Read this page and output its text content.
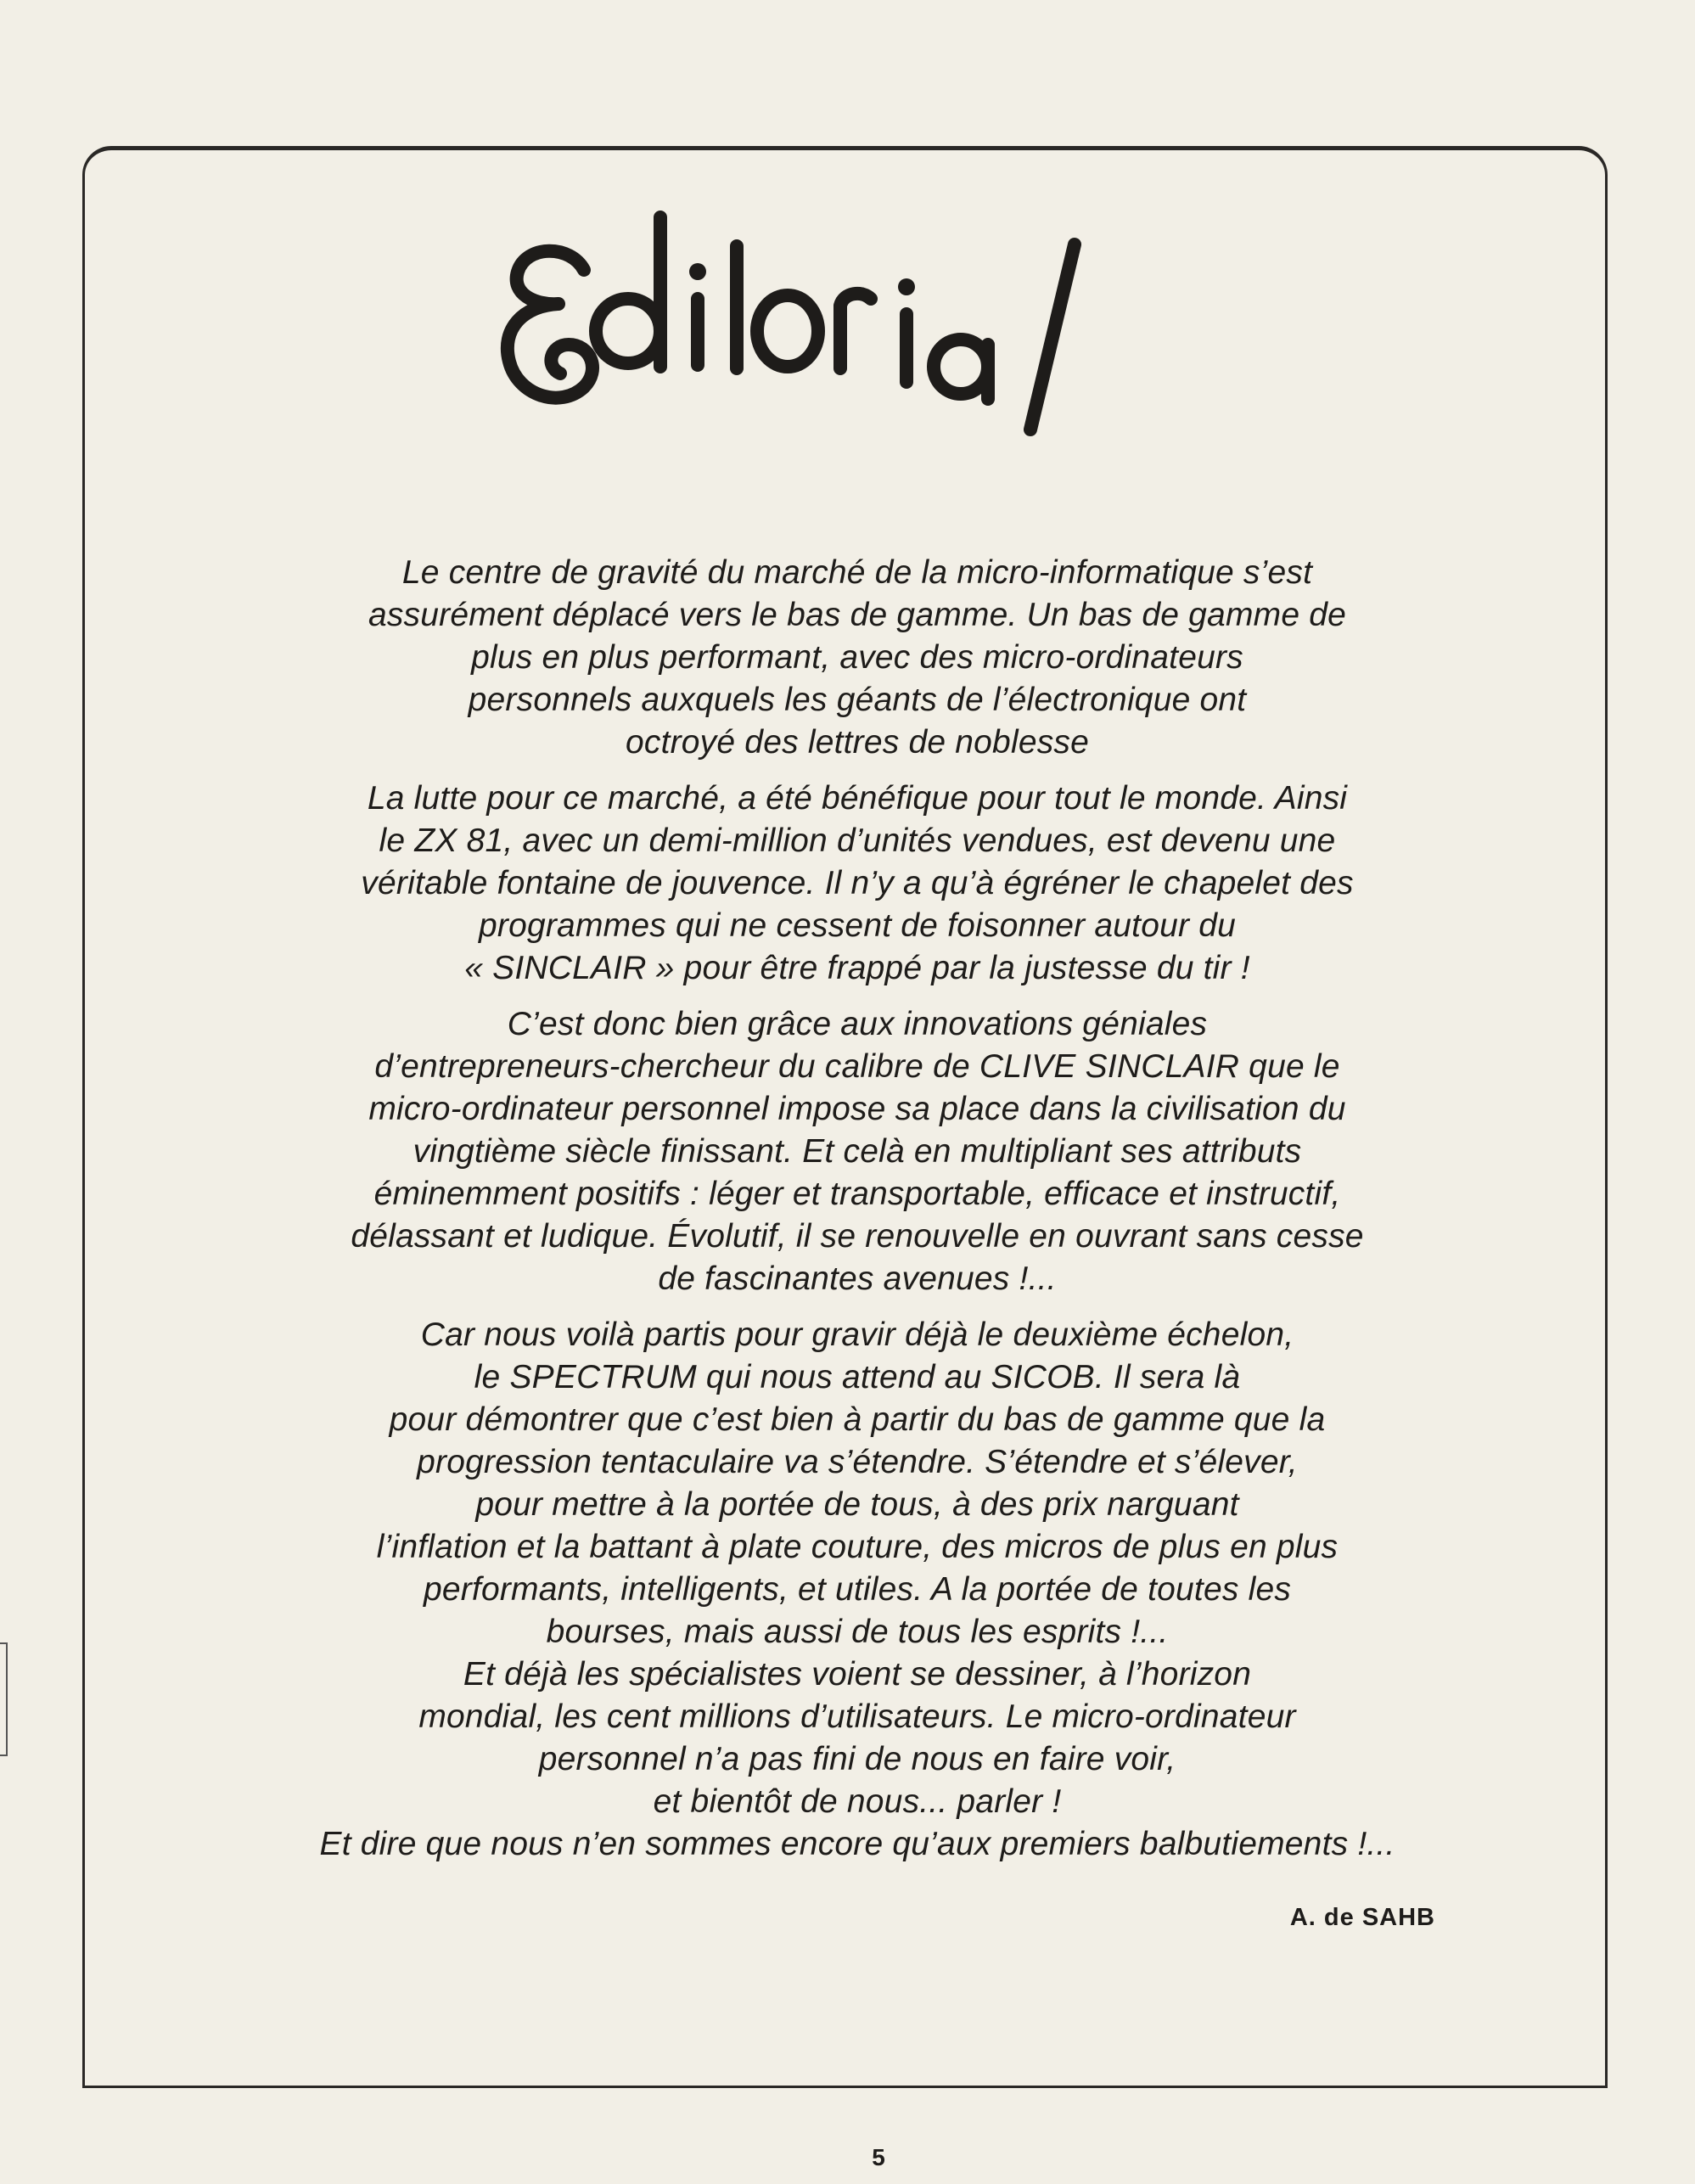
Le centre de gravité du marché de la micro-informatique s’est
assurément déplacé vers le bas de gamme. Un bas de gamme de
plus en plus performant, avec des micro-ordinateurs
personnels auxquels les géants de l’électronique ont
octroyé des lettres de noblesse
La lutte pour ce marché, a été bénéfique pour tout le monde. Ainsi
le ZX 81, avec un demi-million d’unités vendues, est devenu une
véritable fontaine de jouvence. Il n’y a qu’à égréner le chapelet des
programmes qui ne cessent de foisonner autour du
« SINCLAIR » pour être frappé par la justesse du tir !
C’est donc bien grâce aux innovations géniales
d’entrepreneurs-chercheur du calibre de CLIVE SINCLAIR que le
micro-ordinateur personnel impose sa place dans la civilisation du
vingtième siècle finissant. Et celà en multipliant ses attributs
éminemment positifs : léger et transportable, efficace et instructif,
délassant et ludique. Évolutif, il se renouvelle en ouvrant sans cesse
de fascinantes avenues !...
Car nous voilà partis pour gravir déjà le deuxième échelon,
le SPECTRUM qui nous attend au SICOB. Il sera là
pour démontrer que c’est bien à partir du bas de gamme que la
progression tentaculaire va s’étendre. S’étendre et s’élever,
pour mettre à la portée de tous, à des prix narguant
l’inflation et la battant à plate couture, des micros de plus en plus
performants, intelligents, et utiles. A la portée de toutes les
bourses, mais aussi de tous les esprits !...
Et déjà les spécialistes voient se dessiner, à l’horizon
mondial, les cent millions d’utilisateurs. Le micro-ordinateur
personnel n’a pas fini de nous en faire voir,
et bientôt de nous... parler !
Et dire que nous n’en sommes encore qu’aux premiers balbutiements !...
A. de SAHB
5
